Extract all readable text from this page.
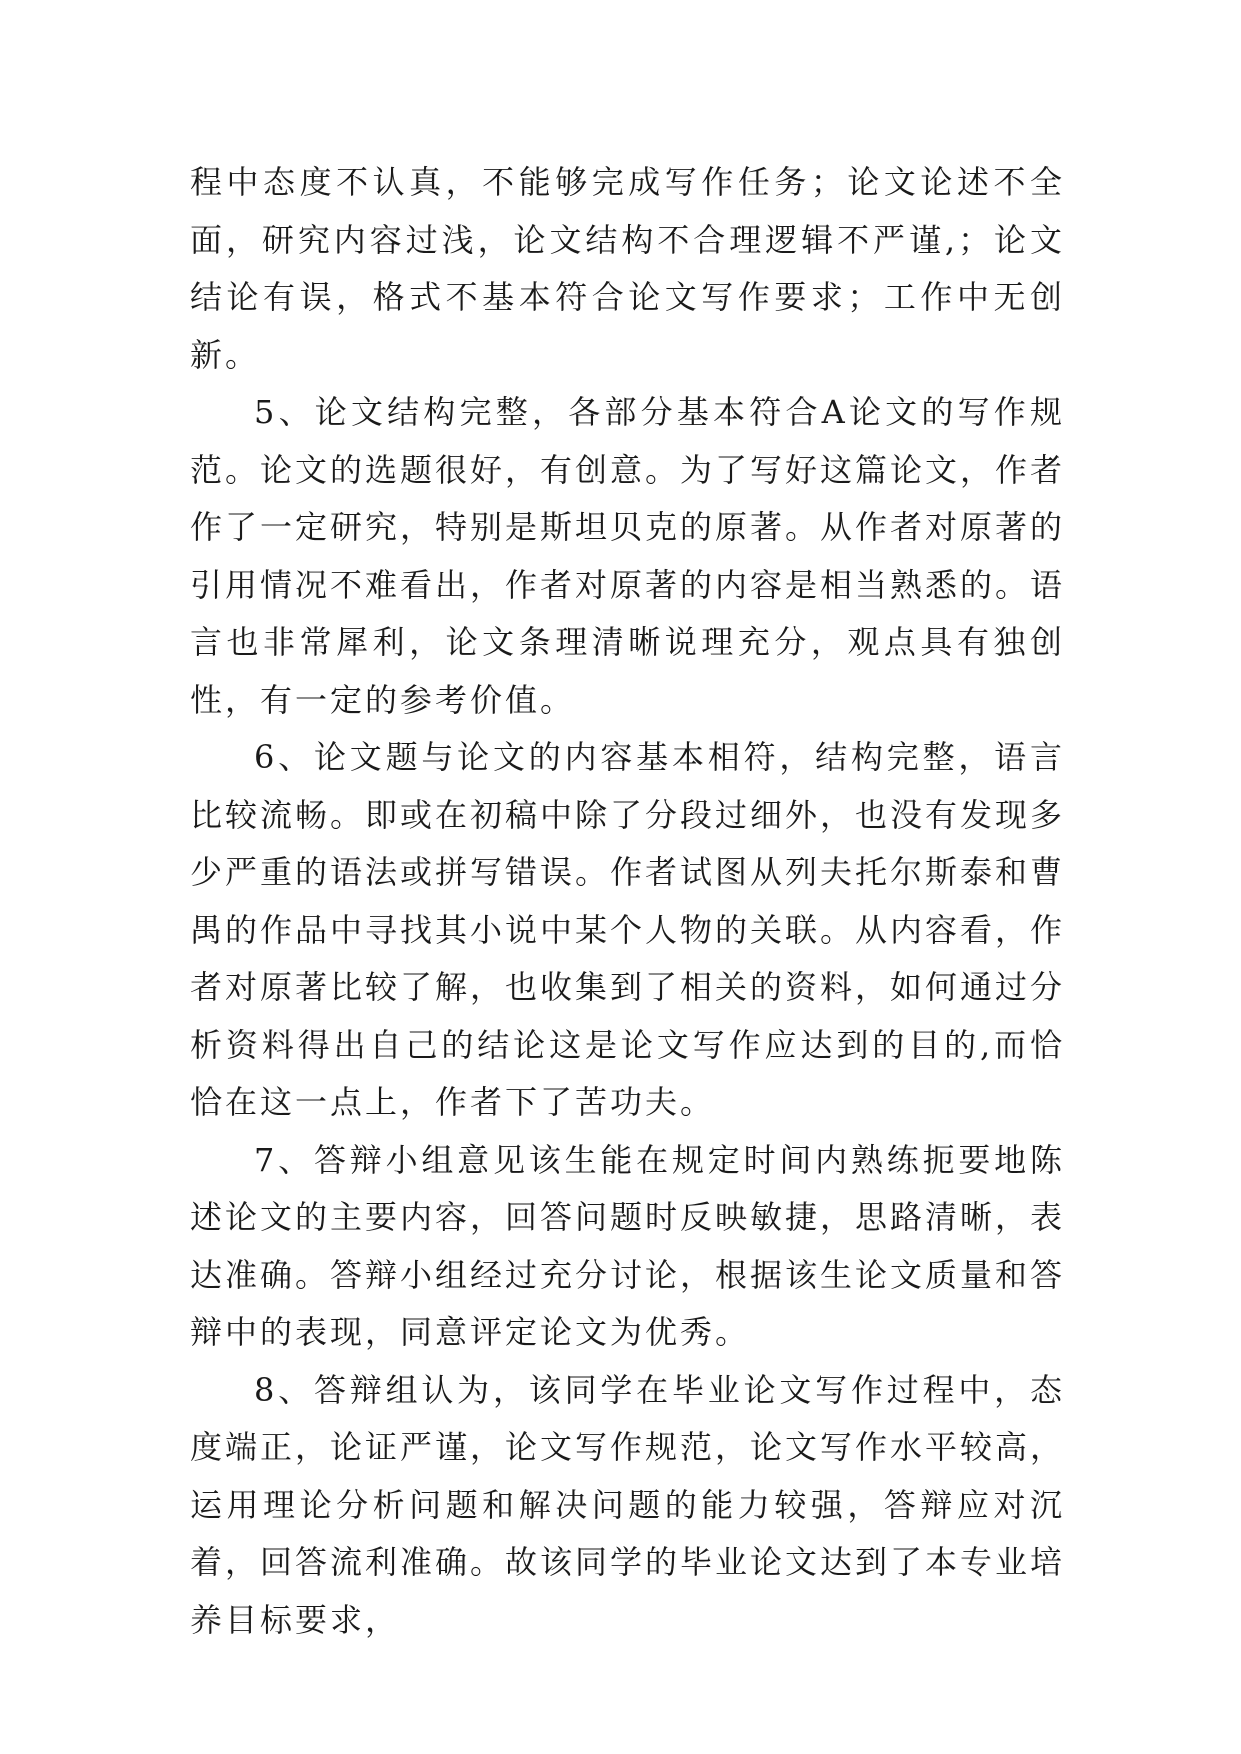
程中态度不认真，不能够完成写作任务；论文论述不全面，研究内容过浅，论文结构不合理逻辑不严谨,；论文结论有误，格式不基本符合论文写作要求；工作中无创新。

5、论文结构完整，各部分基本符合A论文的写作规范。论文的选题很好，有创意。为了写好这篇论文，作者作了一定研究，特别是斯坦贝克的原著。从作者对原著的引用情况不难看出，作者对原著的内容是相当熟悉的。语言也非常犀利，论文条理清晰说理充分，观点具有独创性，有一定的参考价值。

6、论文题与论文的内容基本相符，结构完整，语言比较流畅。即或在初稿中除了分段过细外，也没有发现多少严重的语法或拼写错误。作者试图从列夫托尔斯泰和曹禺的作品中寻找其小说中某个人物的关联。从内容看，作者对原著比较了解，也收集到了相关的资料，如何通过分析资料得出自己的结论这是论文写作应达到的目的,而恰恰在这一点上，作者下了苦功夫。

7、答辩小组意见该生能在规定时间内熟练扼要地陈述论文的主要内容，回答问题时反映敏捷，思路清晰，表达准确。答辩小组经过充分讨论，根据该生论文质量和答辩中的表现，同意评定论文为优秀。

8、答辩组认为，该同学在毕业论文写作过程中，态度端正，论证严谨，论文写作规范，论文写作水平较高，运用理论分析问题和解决问题的能力较强，答辩应对沉着，回答流利准确。故该同学的毕业论文达到了本专业培养目标要求，
